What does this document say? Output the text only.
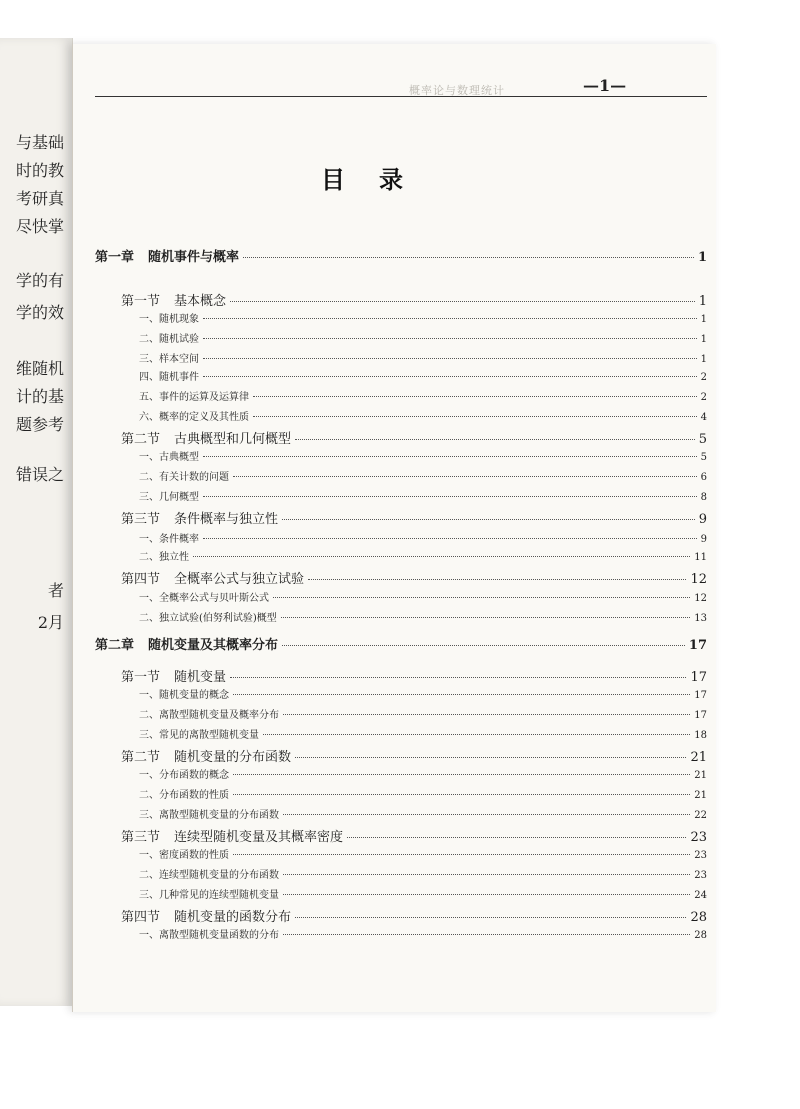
与基础
时的教
考研真
尽快掌
学的有
学的效
维随机
计的基
题参考
错误之
者
2月
概率论与数理统计	—1—
目录
第一章 随机事件与概率	1
第一节 基本概念	1
一、随机现象	1
二、随机试验	1
三、样本空间	1
四、随机事件	2
五、事件的运算及运算律	2
六、概率的定义及其性质	4
第二节 古典概型和几何概型	5
一、古典概型	5
二、有关计数的问题	6
三、几何概型	8
第三节 条件概率与独立性	9
一、条件概率	9
二、独立性	11
第四节 全概率公式与独立试验	12
一、全概率公式与贝叶斯公式	12
二、独立试验(伯努利试验)概型	13
第二章 随机变量及其概率分布	17
第一节 随机变量	17
一、随机变量的概念	17
二、离散型随机变量及概率分布	17
三、常见的离散型随机变量	18
第二节 随机变量的分布函数	21
一、分布函数的概念	21
二、分布函数的性质	21
三、离散型随机变量的分布函数	22
第三节 连续型随机变量及其概率密度	23
一、密度函数的性质	23
二、连续型随机变量的分布函数	23
三、几种常见的连续型随机变量	24
第四节 随机变量的函数分布	28
一、离散型随机变量函数的分布	28
